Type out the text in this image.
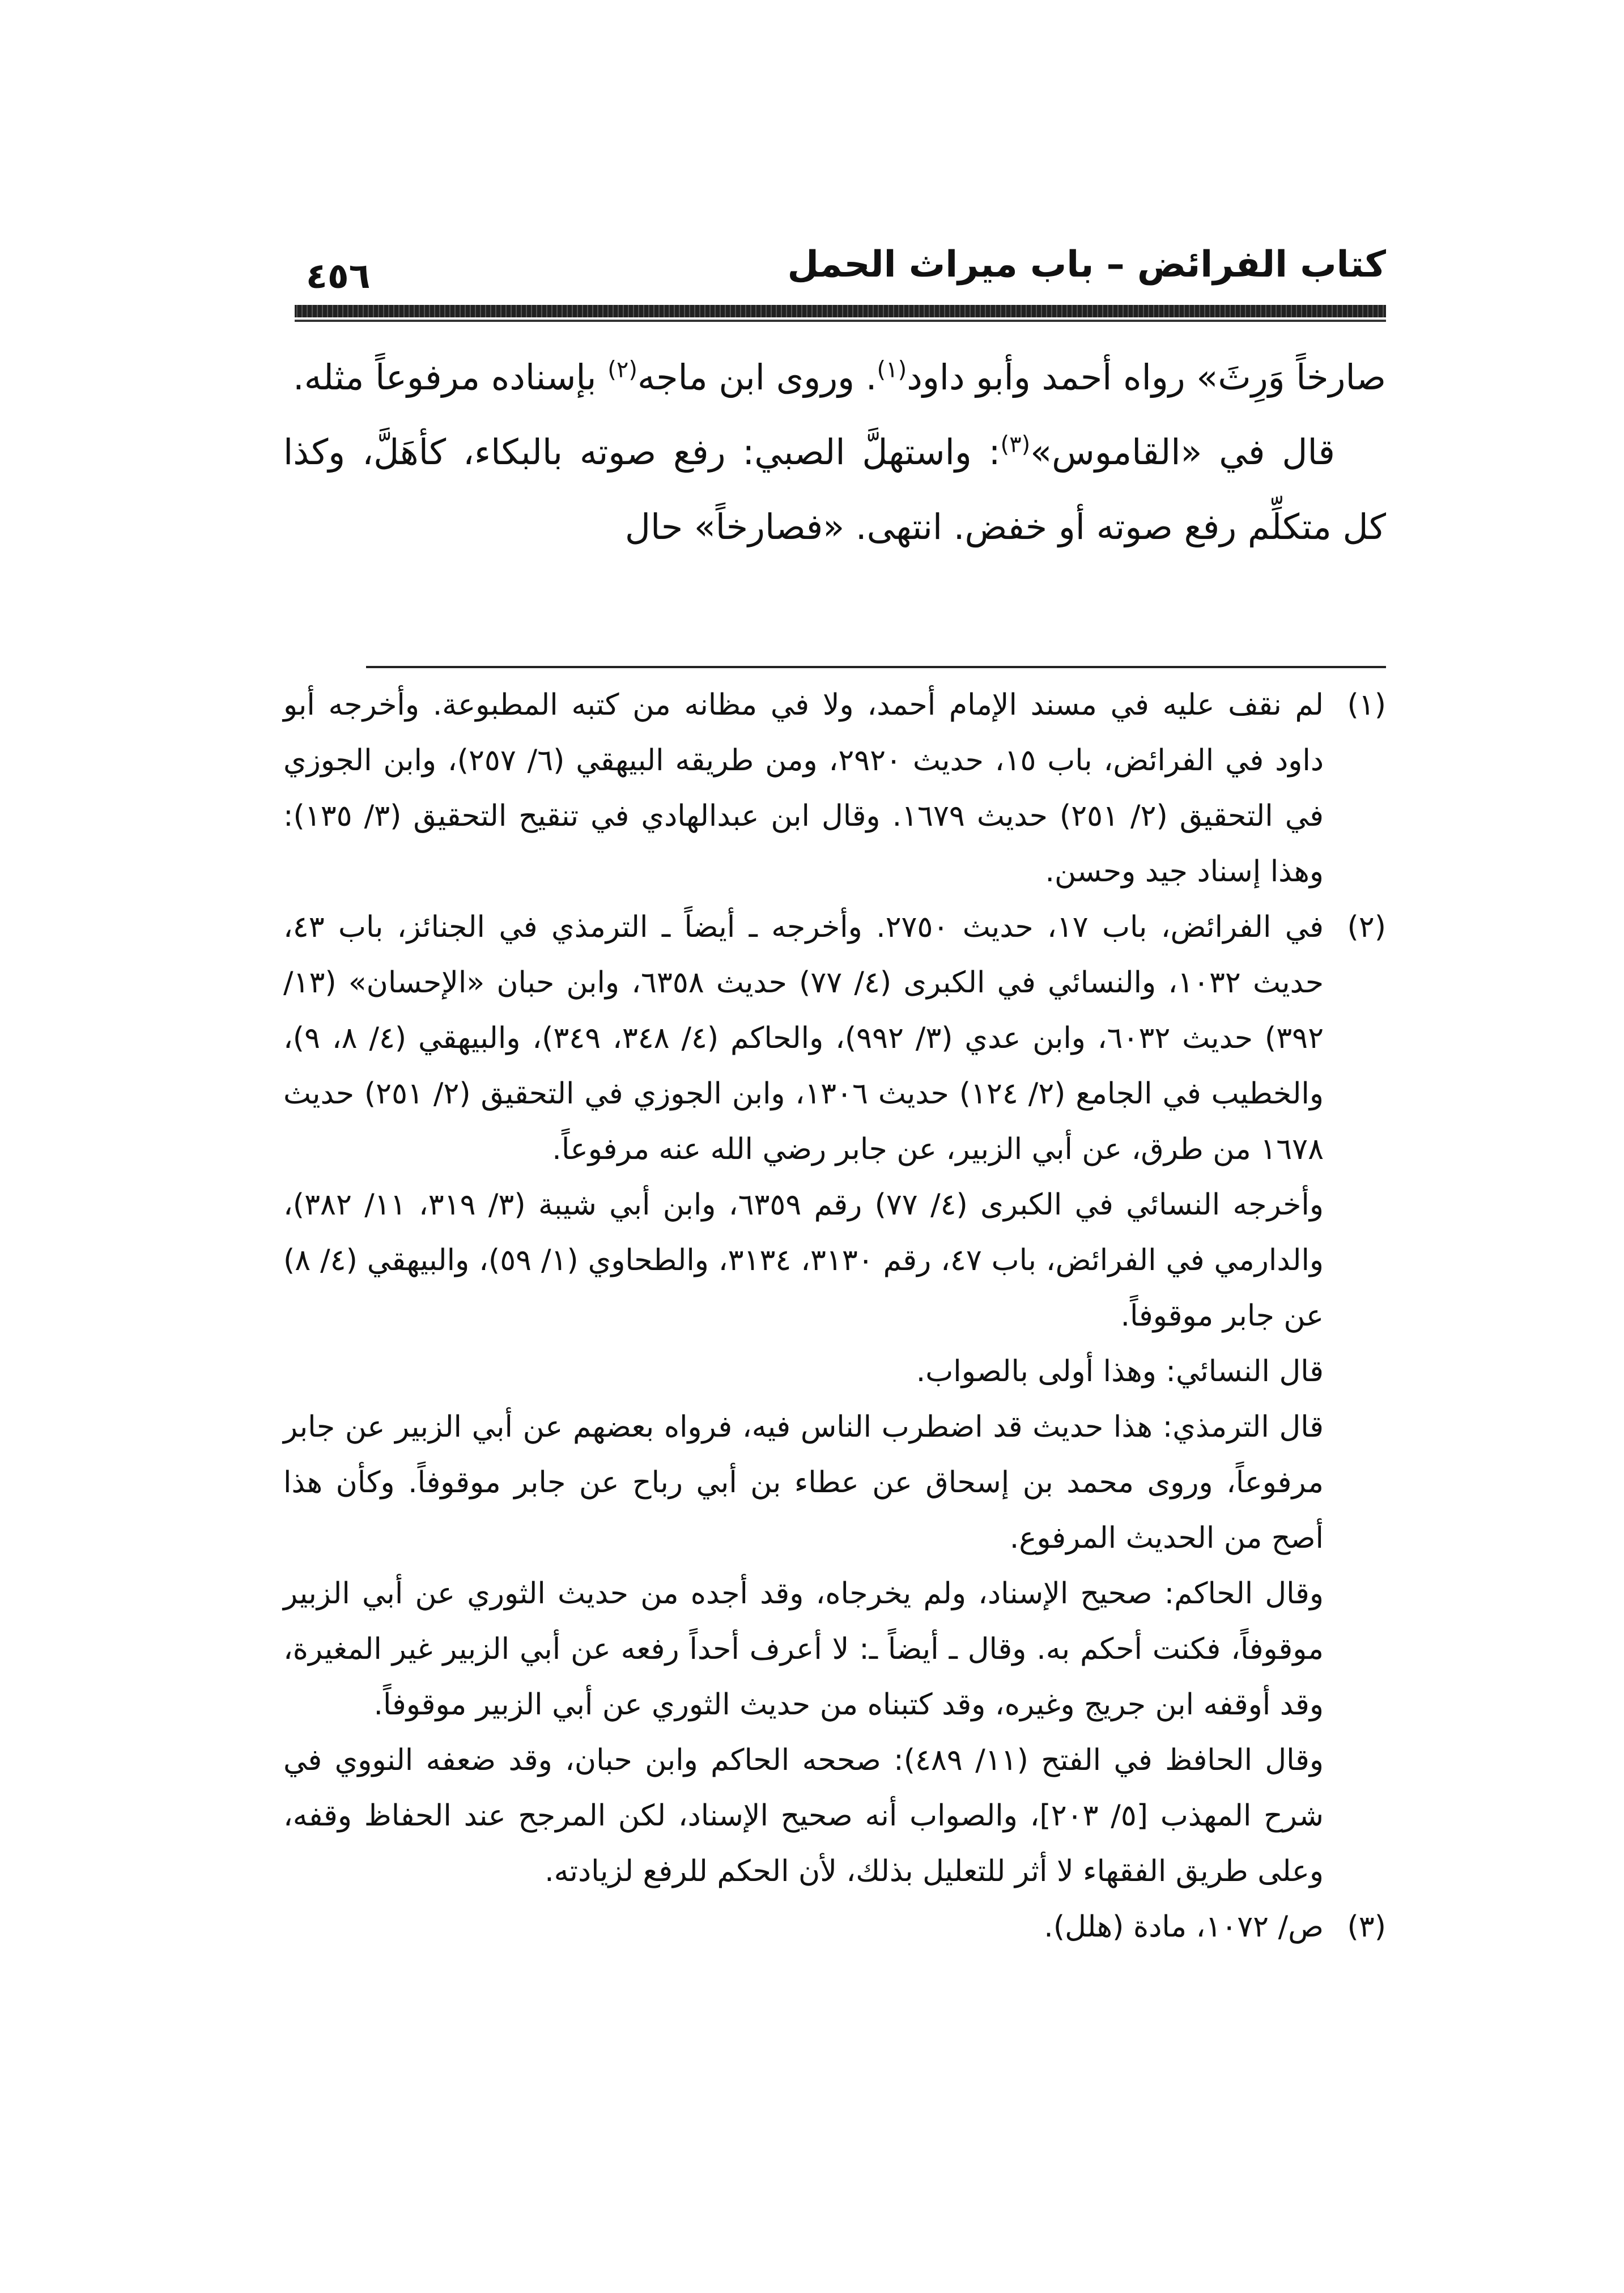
كتاب الفرائض – باب ميراث الحمل
٤٥٦

صارخاً وَرِثَ» رواه أحمد وأبو داود$^{(١)}$. وروى ابن ماجه$^{(٢)}$ بإسناده مرفوعاً مثله.

قال في «القاموس»$^{(٣)}$: واستهلَّ الصبي: رفع صوته بالبكاء، كأهَلَّ، وكذا كل متكلِّم رفع صوته أو خفض. انتهى. «فصارخاً» حال

(١)

لم نقف عليه في مسند الإمام أحمد، ولا في مظانه من كتبه المطبوعة. وأخرجه أبو داود في الفرائض، باب ١٥، حديث ٢٩٢٠، ومن طريقه البيهقي (٦/ ٢٥٧)، وابن الجوزي في التحقيق (٢/ ٢٥١) حديث ١٦٧٩. وقال ابن عبدالهادي في تنقيح التحقيق (٣/ ١٣٥): وهذا إسناد جيد وحسن.

(٢)

في الفرائض، باب ١٧، حديث ٢٧٥٠. وأخرجه ـ أيضاً ـ الترمذي في الجنائز، باب ٤٣، حديث ١٠٣٢، والنسائي في الكبرى (٤/ ٧٧) حديث ٦٣٥٨، وابن حبان «الإحسان» (١٣/ ٣٩٢) حديث ٦٠٣٢، وابن عدي (٣/ ٩٩٢)، والحاكم (٤/ ٣٤٨، ٣٤٩)، والبيهقي (٤/ ٨، ٩)، والخطيب في الجامع (٢/ ١٢٤) حديث ١٣٠٦، وابن الجوزي في التحقيق (٢/ ٢٥١) حديث ١٦٧٨ من طرق، عن أبي الزبير، عن جابر رضي الله عنه مرفوعاً.

وأخرجه النسائي في الكبرى (٤/ ٧٧) رقم ٦٣٥٩، وابن أبي شيبة (٣/ ٣١٩، ١١/ ٣٨٢)، والدارمي في الفرائض، باب ٤٧، رقم ٣١٣٠، ٣١٣٤، والطحاوي (١/ ٥٩)، والبيهقي (٤/ ٨) عن جابر موقوفاً.

قال النسائي: وهذا أولى بالصواب.

قال الترمذي: هذا حديث قد اضطرب الناس فيه، فرواه بعضهم عن أبي الزبير عن جابر مرفوعاً، وروى محمد بن إسحاق عن عطاء بن أبي رباح عن جابر موقوفاً. وكأن هذا أصح من الحديث المرفوع.

وقال الحاكم: صحيح الإسناد، ولم يخرجاه، وقد أجده من حديث الثوري عن أبي الزبير موقوفاً، فكنت أحكم به. وقال ـ أيضاً ـ: لا أعرف أحداً رفعه عن أبي الزبير غير المغيرة، وقد أوقفه ابن جريج وغيره، وقد كتبناه من حديث الثوري عن أبي الزبير موقوفاً.

وقال الحافظ في الفتح (١١/ ٤٨٩): صححه الحاكم وابن حبان، وقد ضعفه النووي في شرح المهذب [٥/ ٢٠٣]، والصواب أنه صحيح الإسناد، لكن المرجح عند الحفاظ وقفه، وعلى طريق الفقهاء لا أثر للتعليل بذلك، لأن الحكم للرفع لزيادته.

(٣)

ص/ ١٠٧٢، مادة (هلل).
